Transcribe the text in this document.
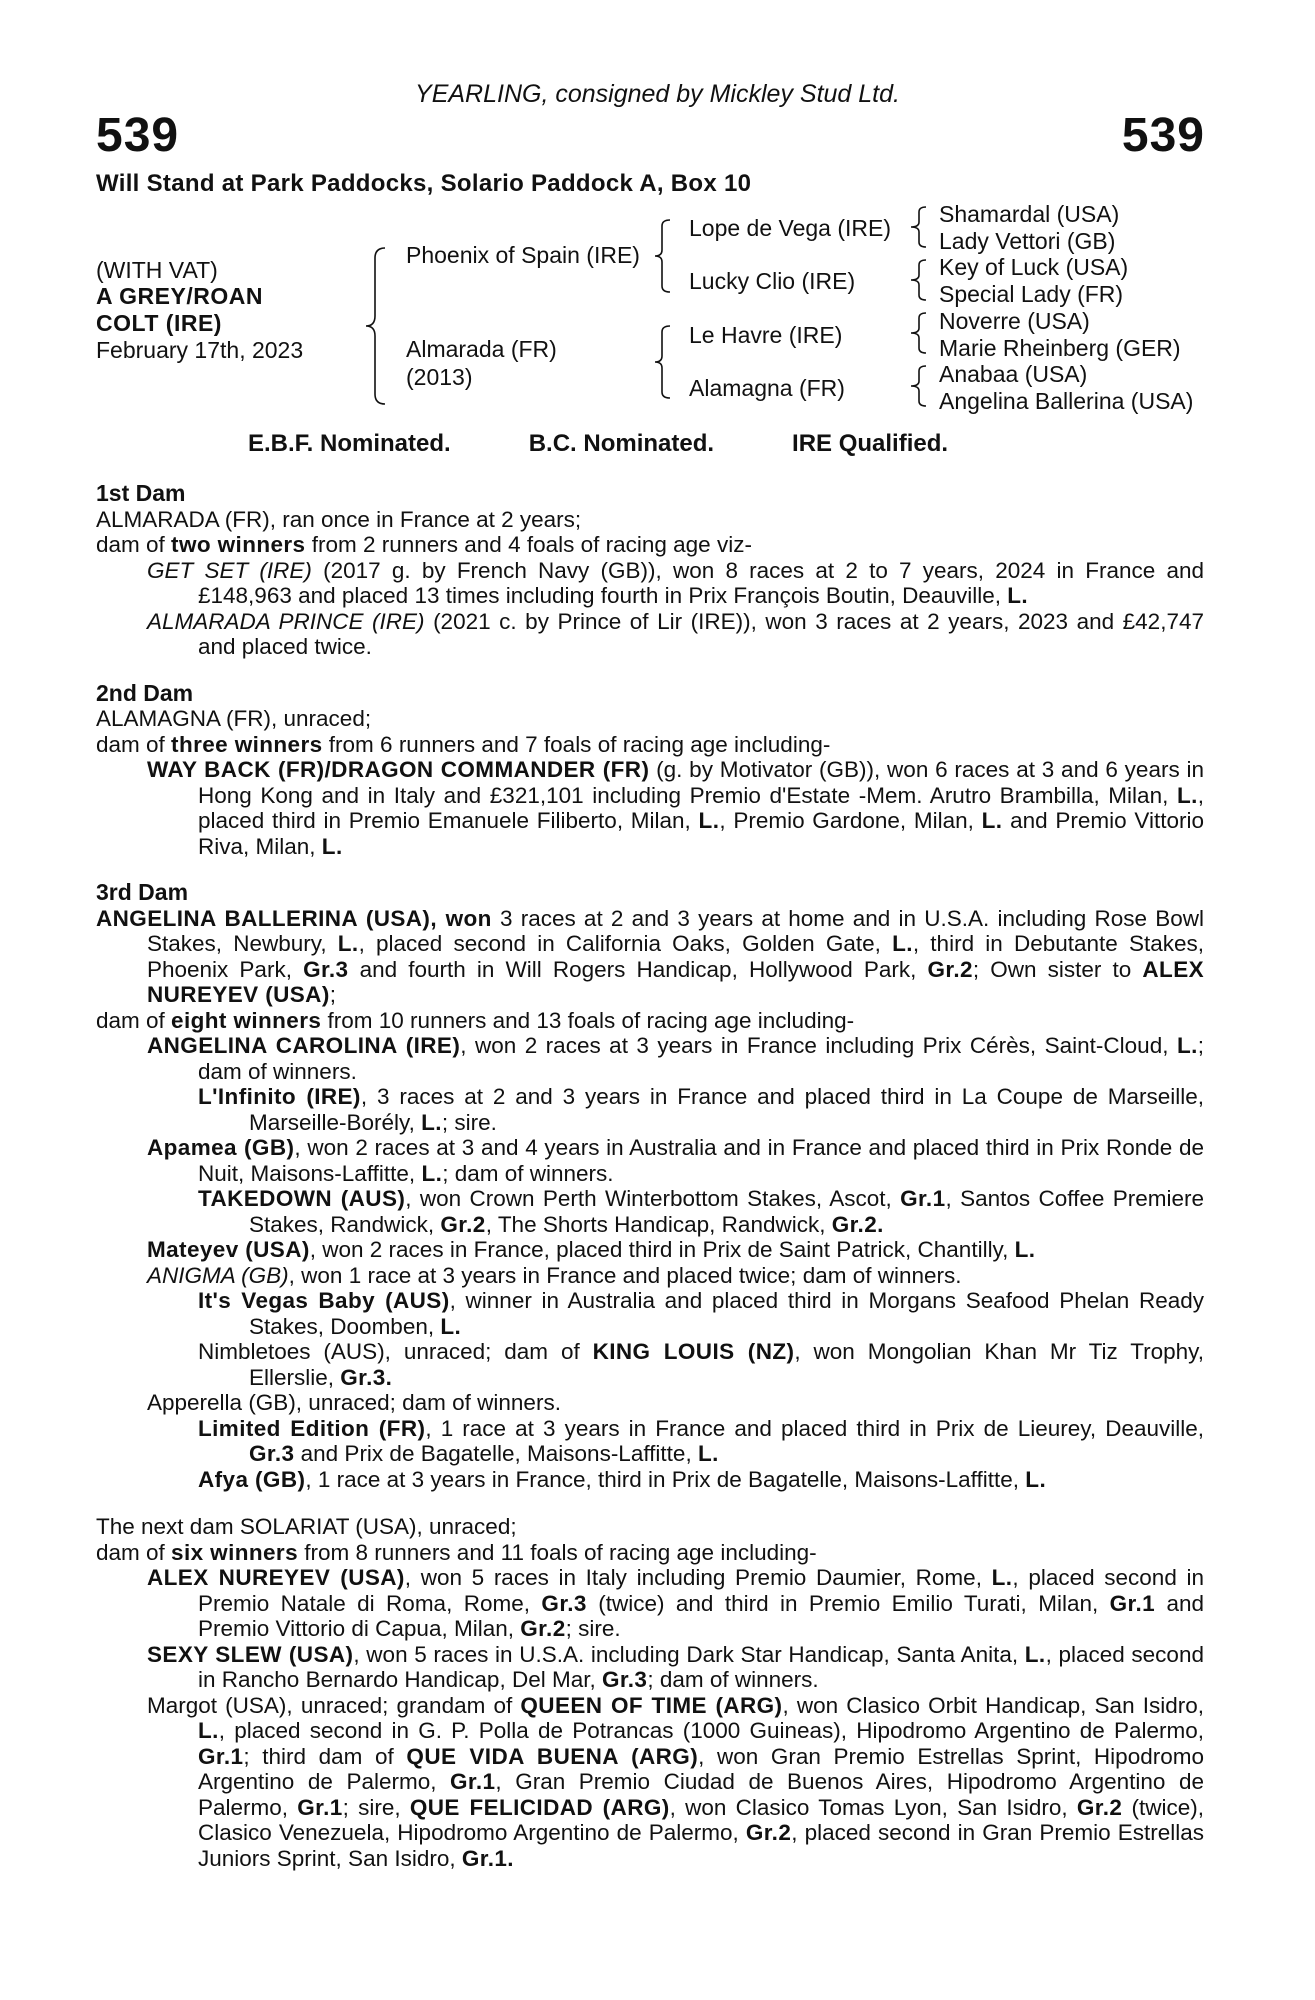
YEARLING, consigned by Mickley Stud Ltd.
539	539
Will Stand at Park Paddocks, Solario Paddock A, Box 10
(WITH VAT)
A GREY/ROAN
COLT (IRE)
February 17th, 2023
Phoenix of Spain (IRE)
Almarada (FR)
(2013)
Lope de Vega (IRE)
Lucky Clio (IRE)
Le Havre (IRE)
Alamagna (FR)
Shamardal (USA)
Lady Vettori (GB)
Key of Luck (USA)
Special Lady (FR)
Noverre (USA)
Marie Rheinberg (GER)
Anabaa (USA)
Angelina Ballerina (USA)
E.B.F. Nominated.	B.C. Nominated.	IRE Qualified.
1st Dam

ALMARADA (FR), ran once in France at 2 years;

dam of two winners from 2 runners and 4 foals of racing age viz-

GET SET (IRE) (2017 g. by French Navy (GB)), won 8 races at 2 to 7 years, 2024 in France and £148,963 and placed 13 times including fourth in Prix François Boutin, Deauville, L.

ALMARADA PRINCE (IRE) (2021 c. by Prince of Lir (IRE)), won 3 races at 2 years, 2023 and £42,747 and placed twice.

2nd Dam

ALAMAGNA (FR), unraced;

dam of three winners from 6 runners and 7 foals of racing age including-

WAY BACK (FR)/DRAGON COMMANDER (FR) (g. by Motivator (GB)), won 6 races at 3 and 6 years in Hong Kong and in Italy and £321,101 including Premio d'Estate -Mem. Arutro Brambilla, Milan, L., placed third in Premio Emanuele Filiberto, Milan, L., Premio Gardone, Milan, L. and Premio Vittorio Riva, Milan, L.

3rd Dam

ANGELINA BALLERINA (USA), won 3 races at 2 and 3 years at home and in U.S.A. including Rose Bowl Stakes, Newbury, L., placed second in California Oaks, Golden Gate, L., third in Debutante Stakes, Phoenix Park, Gr.3 and fourth in Will Rogers Handicap, Hollywood Park, Gr.2; Own sister to ALEX NUREYEV (USA);

dam of eight winners from 10 runners and 13 foals of racing age including-

ANGELINA CAROLINA (IRE), won 2 races at 3 years in France including Prix Cérès, Saint-Cloud, L.; dam of winners.

L'Infinito (IRE), 3 races at 2 and 3 years in France and placed third in La Coupe de Marseille, Marseille-Borély, L.; sire.

Apamea (GB), won 2 races at 3 and 4 years in Australia and in France and placed third in Prix Ronde de Nuit, Maisons-Laffitte, L.; dam of winners.

TAKEDOWN (AUS), won Crown Perth Winterbottom Stakes, Ascot, Gr.1, Santos Coffee Premiere Stakes, Randwick, Gr.2, The Shorts Handicap, Randwick, Gr.2.

Mateyev (USA), won 2 races in France, placed third in Prix de Saint Patrick, Chantilly, L.

ANIGMA (GB), won 1 race at 3 years in France and placed twice; dam of winners.

It's Vegas Baby (AUS), winner in Australia and placed third in Morgans Seafood Phelan Ready Stakes, Doomben, L.

Nimbletoes (AUS), unraced; dam of KING LOUIS (NZ), won Mongolian Khan Mr Tiz Trophy, Ellerslie, Gr.3.

Apperella (GB), unraced; dam of winners.

Limited Edition (FR), 1 race at 3 years in France and placed third in Prix de Lieurey, Deauville, Gr.3 and Prix de Bagatelle, Maisons-Laffitte, L.

Afya (GB), 1 race at 3 years in France, third in Prix de Bagatelle, Maisons-Laffitte, L.

The next dam SOLARIAT (USA), unraced;

dam of six winners from 8 runners and 11 foals of racing age including-

ALEX NUREYEV (USA), won 5 races in Italy including Premio Daumier, Rome, L., placed second in Premio Natale di Roma, Rome, Gr.3 (twice) and third in Premio Emilio Turati, Milan, Gr.1 and Premio Vittorio di Capua, Milan, Gr.2; sire.

SEXY SLEW (USA), won 5 races in U.S.A. including Dark Star Handicap, Santa Anita, L., placed second in Rancho Bernardo Handicap, Del Mar, Gr.3; dam of winners.

Margot (USA), unraced; grandam of QUEEN OF TIME (ARG), won Clasico Orbit Handicap, San Isidro, L., placed second in G. P. Polla de Potrancas (1000 Guineas), Hipodromo Argentino de Palermo, Gr.1; third dam of QUE VIDA BUENA (ARG), won Gran Premio Estrellas Sprint, Hipodromo Argentino de Palermo, Gr.1, Gran Premio Ciudad de Buenos Aires, Hipodromo Argentino de Palermo, Gr.1; sire, QUE FELICIDAD (ARG), won Clasico Tomas Lyon, San Isidro, Gr.2 (twice), Clasico Venezuela, Hipodromo Argentino de Palermo, Gr.2, placed second in Gran Premio Estrellas Juniors Sprint, San Isidro, Gr.1.
